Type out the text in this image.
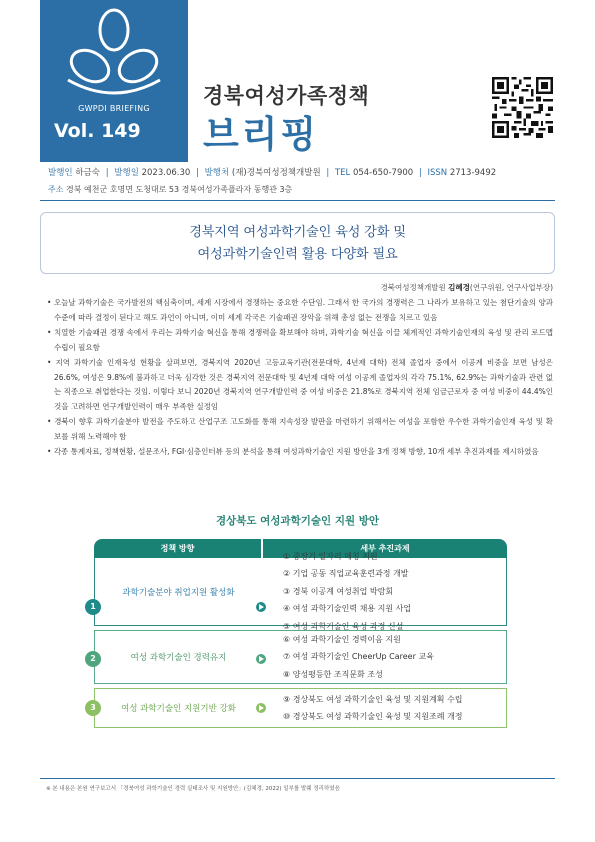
GWPDI BRIEFING
Vol. 149
경북여성가족정책
브리핑
발행인 하금숙 | 발행일 2023.06.30 | 발행처 (재)경북여성정책개발원 | TEL 054-650-7900 | ISSN 2713-9492
주소 경북 예천군 호명면 도청대로 53 경북여성가족플라자 동행관 3층
경북지역 여성과학기술인 육성 강화 및
여성과학기술인력 활용 다양화 필요
경북여성정책개발원 김혜경(연구위원, 연구사업부장)
• 오늘날 과학기술은 국가발전의 핵심축이며, 세계 시장에서 경쟁하는 중요한 수단임. 그래서 한 국가의 경쟁력은 그 나라가 보유하고 있는 첨단기술의 양과 수준에 따라 결정이 된다고 해도 과언이 아니며, 이미 세계 각국은 기술패권 장악을 위해 총성 없는 전쟁을 치르고 있음
• 치열한 기술패권 경쟁 속에서 우리는 과학기술 혁신을 통해 경쟁력을 확보해야 하며, 과학기술 혁신을 이끌 체계적인 과학기술인재의 육성 및 관리 로드맵 수립이 필요함
• 지역 과학기술 인재육성 현황을 살펴보면, 경북지역 2020년 고등교육기관(전문대학, 4년제 대학) 전체 졸업자 중에서 이공계 비중을 보면 남성은 26.6%, 여성은 9.8%에 불과하고 더욱 심각한 것은 경북지역 전문대학 및 4년제 대학 여성 이공계 졸업자의 각각 75.1%, 62.9%는 과학기술과 관련 없는 직종으로 취업한다는 것임. 이렇다 보니 2020년 경북지역 연구개발인력 중 여성 비중은 21.8%로 경북지역 전체 임금근로자 중 여성 비중이 44.4%인 것을 고려하면 연구개발인력이 매우 부족한 실정임
• 경북이 향후 과학기술분야 발전을 주도하고 산업구조 고도화를 통해 지속성장 발판을 마련하기 위해서는 여성을 포함한 우수한 과학기술인재 육성 및 확보를 위해 노력해야 함
• 각종 통계자료, 정책현황, 설문조사, FGI·심층인터뷰 등의 분석을 통해 여성과학기술인 지원 방안을 3개 정책 방향, 10개 세부 추진과제를 제시하였음
경상북도 여성과학기술인 지원 방안
정책 방향	세부 추진과제
과학기술분야 취업지원 활성화
① 중장기 일자리 매칭 지원
② 기업 공동 직업교육훈련과정 개발
③ 경북 이공계 여성취업 박람회
④ 여성 과학기술인력 채용 지원 사업
⑤ 여성 과학기술인 육성 과정 신설
1
여성 과학기술인 경력유지
⑥ 여성 과학기술인 경력이음 지원
⑦ 여성 과학기술인 CheerUp Career 교육
⑧ 양성평등한 조직문화 조성
2
여성 과학기술인 지원기반 강화
⑨ 경상북도 여성 과학기술인 육성 및 지원계획 수립
⑩ 경상북도 여성 과학기술인 육성 및 지원조례 개정
3
※ 본 내용은 본원 연구보고서 「경북여성 과학기술인 경력 실태조사 및 지원방안」(김혜경, 2022) 일부를 발췌 정리하였음
